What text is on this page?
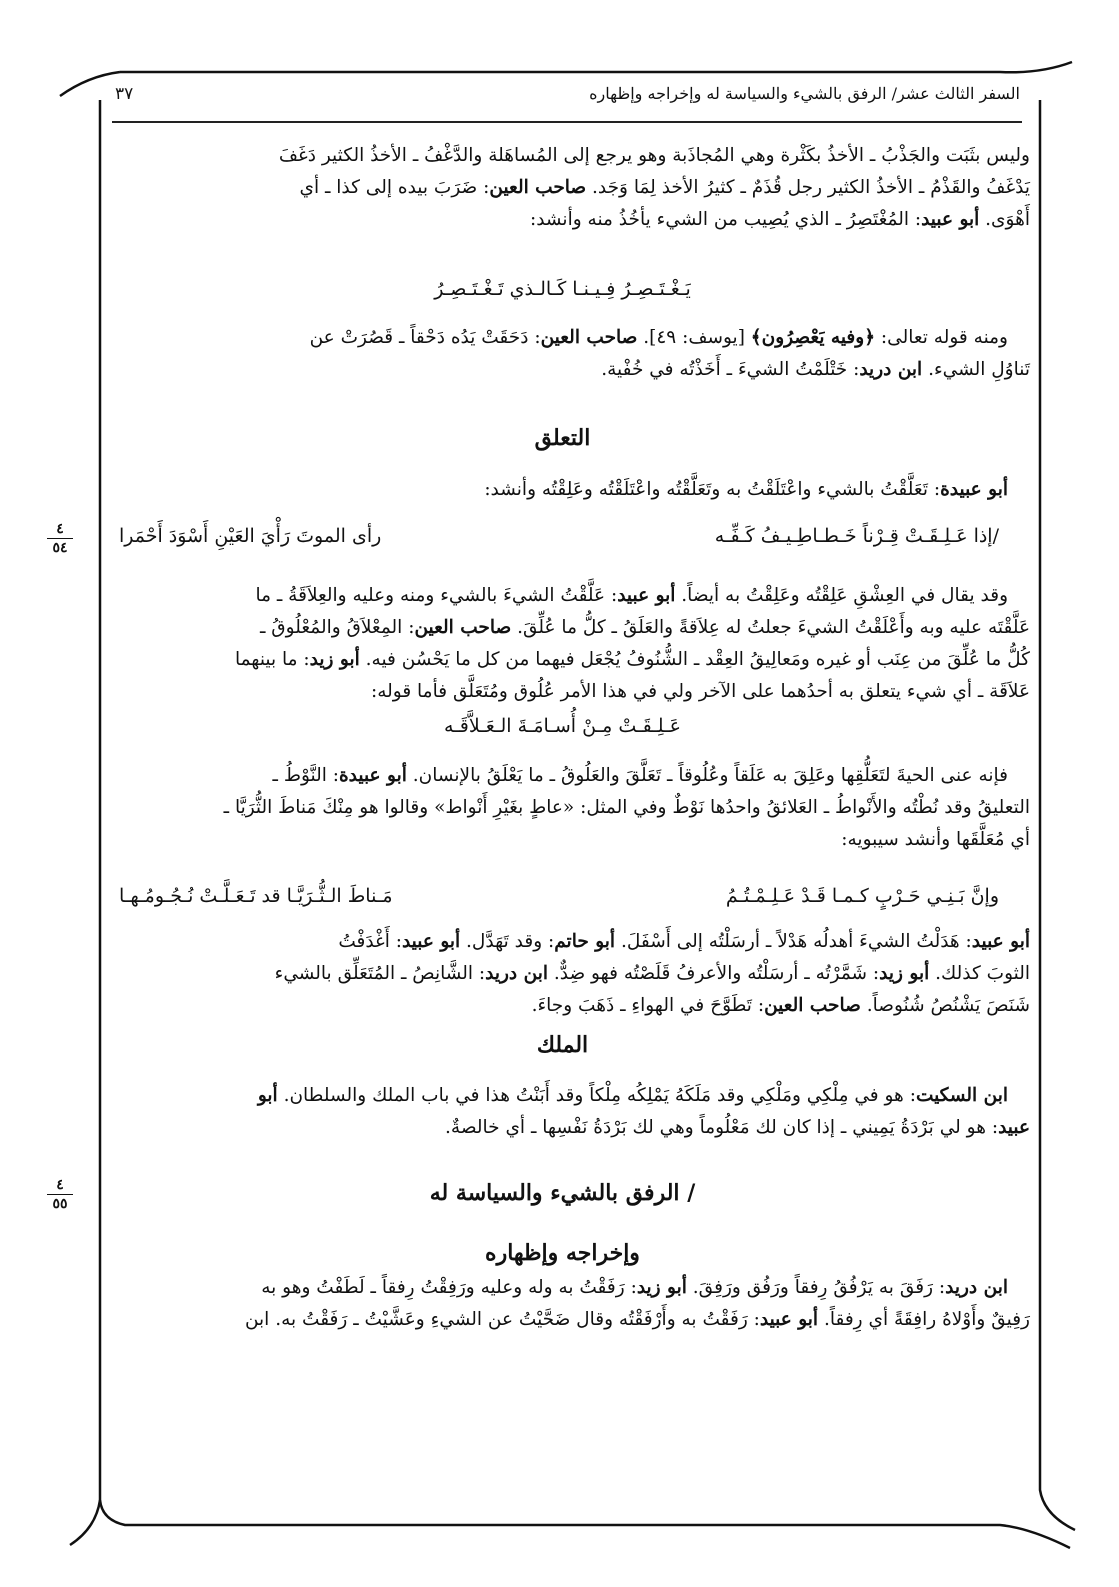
السفر الثالث عشر/ الرفق بالشيء والسياسة له وإخراجه وإظهاره
٣٧

وليس بثَبَت والجَذْبُ ـ الأخذُ بكَثْرة وهي المُجاذَبة وهو يرجع إلى المُساهَلة والدَّغْفُ ـ الأخذُ الكثير دَغَفَ

يَدْغَفُ والقَذْمُ ـ الأخذُ الكثير رجل قُذَمٌ ـ كثيرُ الأخذ لِمَا وَجَد. صاحب العين: ضَرَبَ بيده إلى كذا ـ أي

أَهْوَى. أبو عبيد: المُغْتَصِرُ ـ الذي يُصِيب من الشيء يأخُذُ منه وأنشد:

يَـغْـتَـصِـرُ فِـيـنـا كَـالـذي تَـغْـتَـصِـرُ

ومنه قوله تعالى: ﴿وفيه يَعْصِرُون﴾ [يوسف: ٤٩]. صاحب العين: دَحَقَتْ يَدُه دَحْقاً ـ قَصُرَتْ عن

تَناوُلِ الشيء. ابن دريد: خَتْلَمْتُ الشيءَ ـ أَخَذْتُه في خُفْية.

التعلق

أبو عبيدة: تَعَلَّقْتُ بالشيء واعْتَلَقْتُ به وتَعَلَّقْتُه واعْتَلَقْتُه وعَلِقْتُه وأنشد:

/إذا عَـلِـقَـتْ قِـرْناً خَـطـاطِـيـفُ كَـفِّـه
رأى الموتَ رَأْيَ العَيْنِ أَسْوَدَ أَحْمَرا
٤
٥٤

وقد يقال في العِشْقِ عَلِقْتُه وعَلِقْتُ به أيضاً. أبو عبيد: عَلَّقْتُ الشيءَ بالشيء ومنه وعليه والعِلاَقَةُ ـ ما

عَلَّقْتَه عليه وبه وأَعْلَقْتُ الشيءَ جعلتُ له عِلاَقةً والعَلَقُ ـ كلُّ ما عُلِّقَ. صاحب العين: المِعْلاَقُ والمُعْلُوقُ ـ

كُلُّ ما عُلِّقَ من عِنَب أو غيره ومَعالِيقُ العِقْد ـ الشُّنُوفُ يُجْعَل فيهما من كل ما يَحْسُن فيه. أبو زيد: ما بينهما

عَلاَقَة ـ أي شيء يتعلق به أحدُهما على الآخر ولي في هذا الأمر عُلُوق ومُتَعَلَّق فأما قوله:

عَـلِـقَـتْ مِـنْ أُسـامَـةَ الـعَـلاَّقَـه

فإنه عنى الحيةَ لتَعَلُّقِها وعَلِقَ به عَلَقاً وعُلُوقاً ـ تَعَلَّقَ والعَلُوقُ ـ ما يَعْلَقُ بالإنسان. أبو عبيدة: النَّوْطُ ـ

التعليقُ وقد نُطْتُه والأَنْواطُ ـ العَلائقُ واحدُها نَوْطٌ وفي المثل: «عاطٍ بغَيْرِ أَنْواط» وقالوا هو مِنْكَ مَناطَ الثُّرَيَّا ـ

أي مُعَلَّقَها وأنشد سيبويه:

وإنَّ بَـنِـي حَـرْبٍ كـمـا قَـدْ عَـلِـمْـتُـمُ
مَـناطَ الـثُّـرَيَّـا قد تَـعَـلَّـتْ نُـجُـومُـهـا

أبو عبيد: هَدَلْتُ الشيءَ أهدلُه هَدْلاً ـ أرسَلْتُه إلى أَسْفَلَ. أبو حاتم: وقد تَهَدَّل. أبو عبيد: أَغْدَفْتُ

الثوبَ كذلك. أبو زيد: شَمَّرْتُه ـ أرسَلْتُه والأعرفُ قَلَصْتُه فهو ضِدٌّ. ابن دريد: الشَّانِصُ ـ المُتَعَلِّق بالشيء

شَنَصَ يَشْنُصُ شُنُوصاً. صاحب العين: تَطَوَّحَ في الهواءِ ـ ذَهَبَ وجاءَ.

الملك

ابن السكيت: هو في مِلْكِي ومَلْكِي وقد مَلَكَهُ يَمْلِكُه مِلْكاً وقد أَبَنْتُ هذا في باب الملك والسلطان. أبو

عبيد: هو لي بَرْدَةُ يَمِيني ـ إذا كان لك مَعْلُوماً وهي لك بَرْدَةُ نَفْسِها ـ أي خالصةٌ.

/ الرفق بالشيء والسياسة له
٤
٥٥
وإخراجه وإظهاره

ابن دريد: رَفَقَ به يَرْفُقُ رِفقاً ورَفُق ورَفِقَ. أبو زيد: رَفَقْتُ به وله وعليه ورَفِقْتُ رِفقاً ـ لَطَفْتُ وهو به

رَفِيقٌ وأَوْلاهُ رافِقَةً أي رِفقاً. أبو عبيد: رَفَقْتُ به وأَرْفَقْتُه وقال ضَحَّيْتُ عن الشيءِ وعَشَّيْتُ ـ رَفَقْتُ به. ابن
